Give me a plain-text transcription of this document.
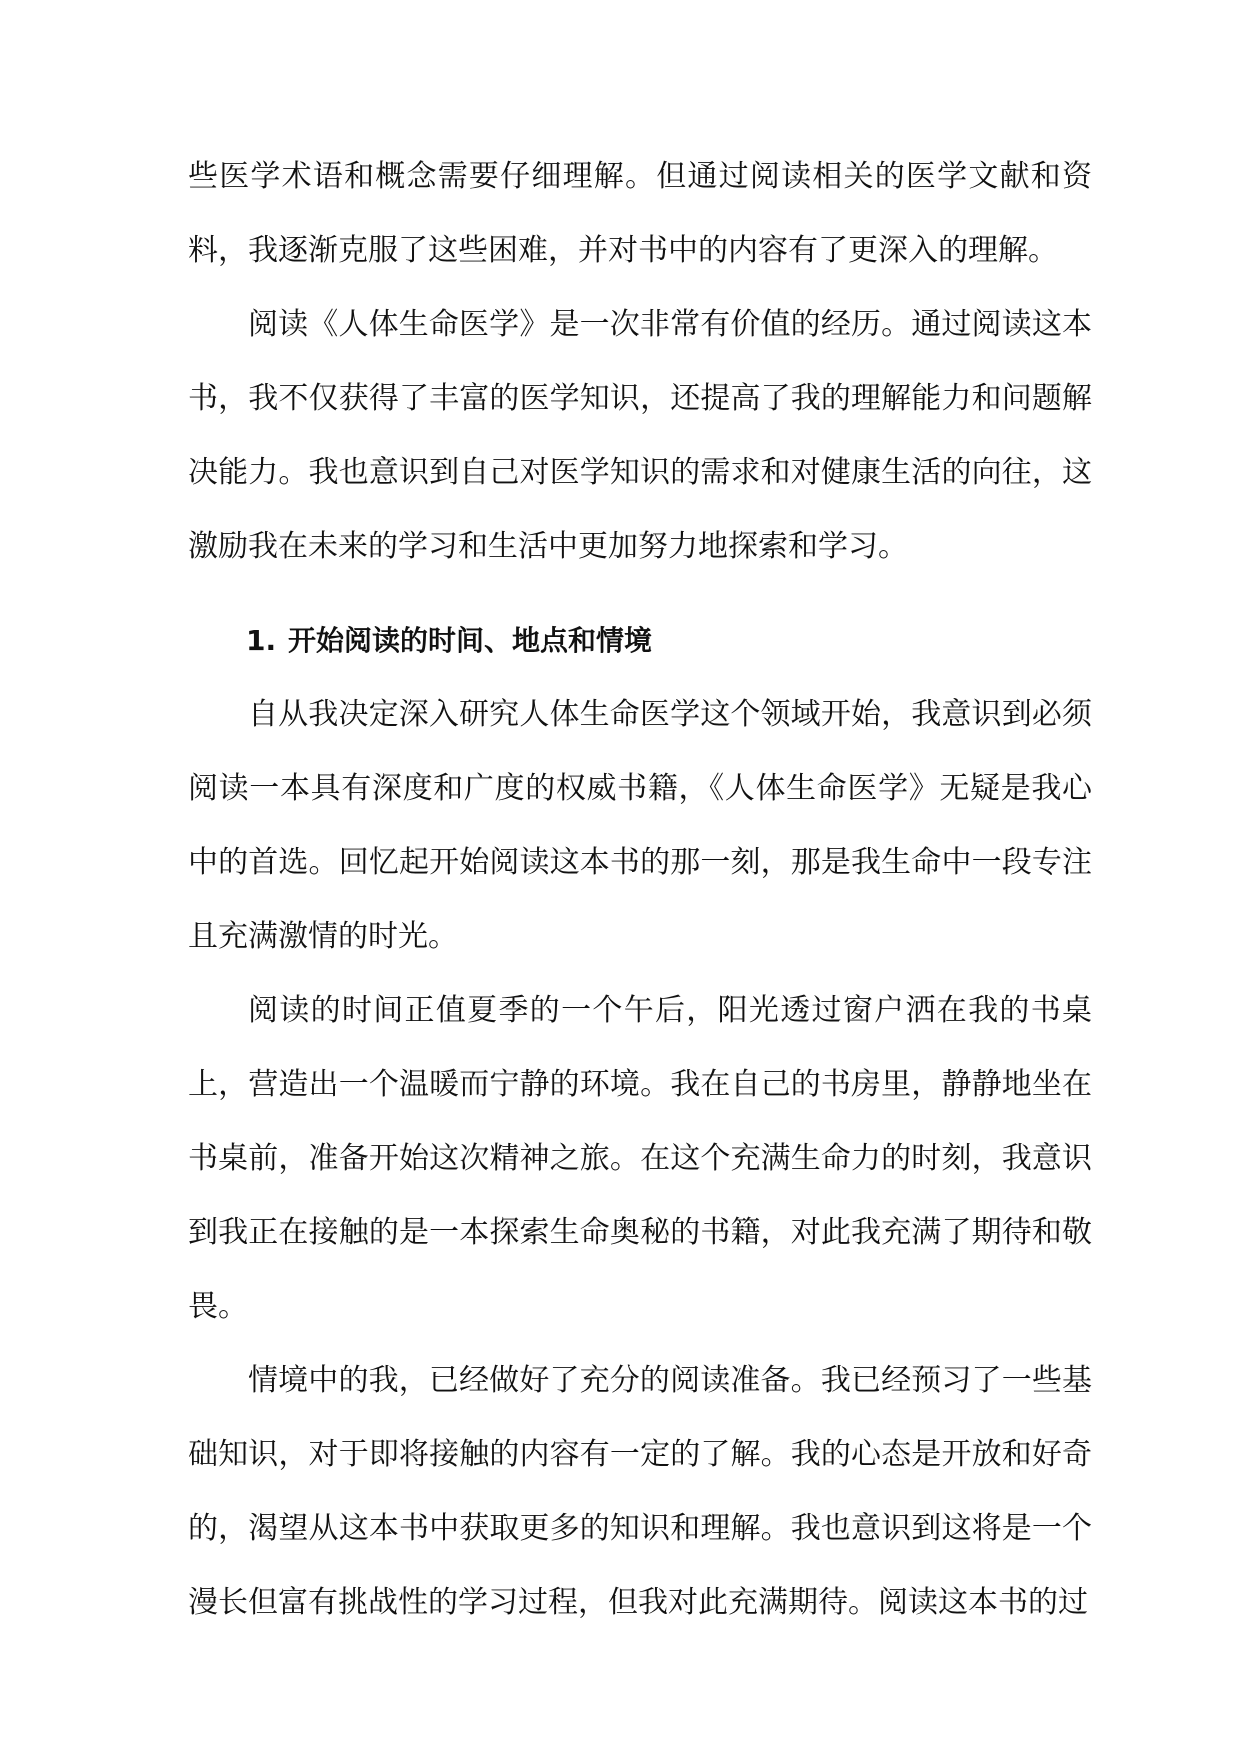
些医学术语和概念需要仔细理解。但通过阅读相关的医学文献和资料，我逐渐克服了这些困难，并对书中的内容有了更深入的理解。

阅读《人体生命医学》是一次非常有价值的经历。通过阅读这本书，我不仅获得了丰富的医学知识，还提高了我的理解能力和问题解决能力。我也意识到自己对医学知识的需求和对健康生活的向往，这激励我在未来的学习和生活中更加努力地探索和学习。

1. 开始阅读的时间、地点和情境

自从我决定深入研究人体生命医学这个领域开始，我意识到必须阅读一本具有深度和广度的权威书籍，《人体生命医学》无疑是我心中的首选。回忆起开始阅读这本书的那一刻，那是我生命中一段专注且充满激情的时光。

阅读的时间正值夏季的一个午后，阳光透过窗户洒在我的书桌上，营造出一个温暖而宁静的环境。我在自己的书房里，静静地坐在书桌前，准备开始这次精神之旅。在这个充满生命力的时刻，我意识到我正在接触的是一本探索生命奥秘的书籍，对此我充满了期待和敬畏。

情境中的我，已经做好了充分的阅读准备。我已经预习了一些基础知识，对于即将接触的内容有一定的了解。我的心态是开放和好奇的，渴望从这本书中获取更多的知识和理解。我也意识到这将是一个漫长但富有挑战性的学习过程，但我对此充满期待。阅读这本书的过
